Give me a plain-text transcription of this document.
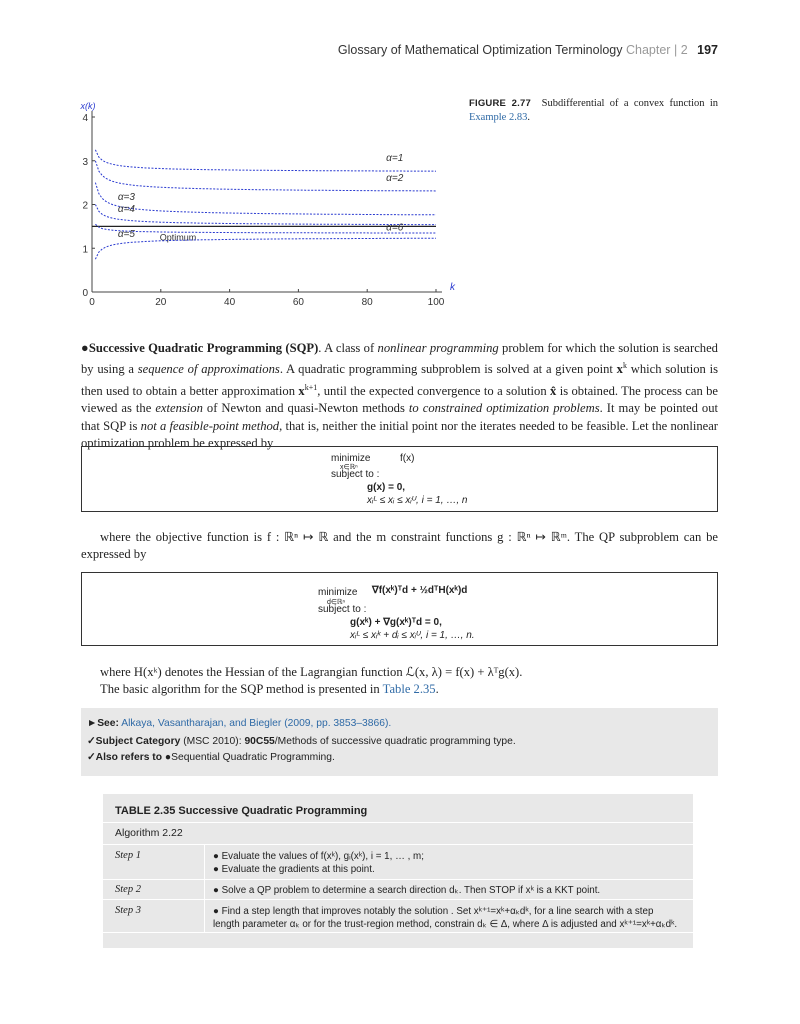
Glossary of Mathematical Optimization Terminology Chapter | 2 197
0	20	40	60	80	100
0
1
2
3
4
x(k)
k
Optimum
α=1
α=2
α=3
α=4
α=5
α=6
FIGURE 2.77 Subdifferential of a convex function in Example 2.83.
●Successive Quadratic Programming (SQP). A class of nonlinear programming problem for which the solution is searched by using a sequence of approximations. A quadratic programming subproblem is solved at a given point $x^k$ which solution is then used to obtain a better approximation $x^{k+1}$, until the expected convergence to a solution x̂ is obtained. The process can be viewed as the extension of Newton and quasi-Newton methods to constrained optimization problems. It may be pointed out that SQP is not a feasible-point method, that is, neither the initial point nor the iterates needed to be feasible. Let the nonlinear optimization problem be expressed by
minimize
x∈ℝⁿ
f(x)
subject to :
g(x) = 0,
xᵢᴸ ≤ xᵢ ≤ xᵢᵁ, i = 1, …, n
where the objective function is f : ℝⁿ ↦ ℝ and the m constraint functions g : ℝⁿ ↦ ℝᵐ. The QP subproblem can be expressed by
minimize
d∈ℝⁿ
∇f(xᵏ)ᵀd + ½dᵀH(xᵏ)d
subject to :
g(xᵏ) + ∇g(xᵏ)ᵀd = 0,
xᵢᴸ ≤ xᵢᵏ + dᵢ ≤ xᵢᵁ, i = 1, …, n.
where H(xᵏ) denotes the Hessian of the Lagrangian function ℒ(x, λ) = f(x) + λᵀg(x).
The basic algorithm for the SQP method is presented in Table 2.35.
►See: Alkaya, Vasantharajan, and Biegler (2009, pp. 3853–3866).
✓Subject Category (MSC 2010): 90C55/Methods of successive quadratic programming type.
✓Also refers to ●Sequential Quadratic Programming.
TABLE 2.35 Successive Quadratic Programming
Algorithm 2.22
Step 1	● Evaluate the values of f(xᵏ), gᵢ(xᵏ), i = 1, … , m;
● Evaluate the gradients at this point.
Step 2	● Solve a QP problem to determine a search direction dₖ. Then STOP if xᵏ is a KKT point.
Step 3	● Find a step length that improves notably the solution . Set xᵏ⁺¹=xᵏ+αₖdᵏ, for a line search with a step
length parameter αₖ or for the trust-region method, constrain dₖ ∈ Δ, where Δ is adjusted and xᵏ⁺¹=xᵏ+αₖdᵏ.
